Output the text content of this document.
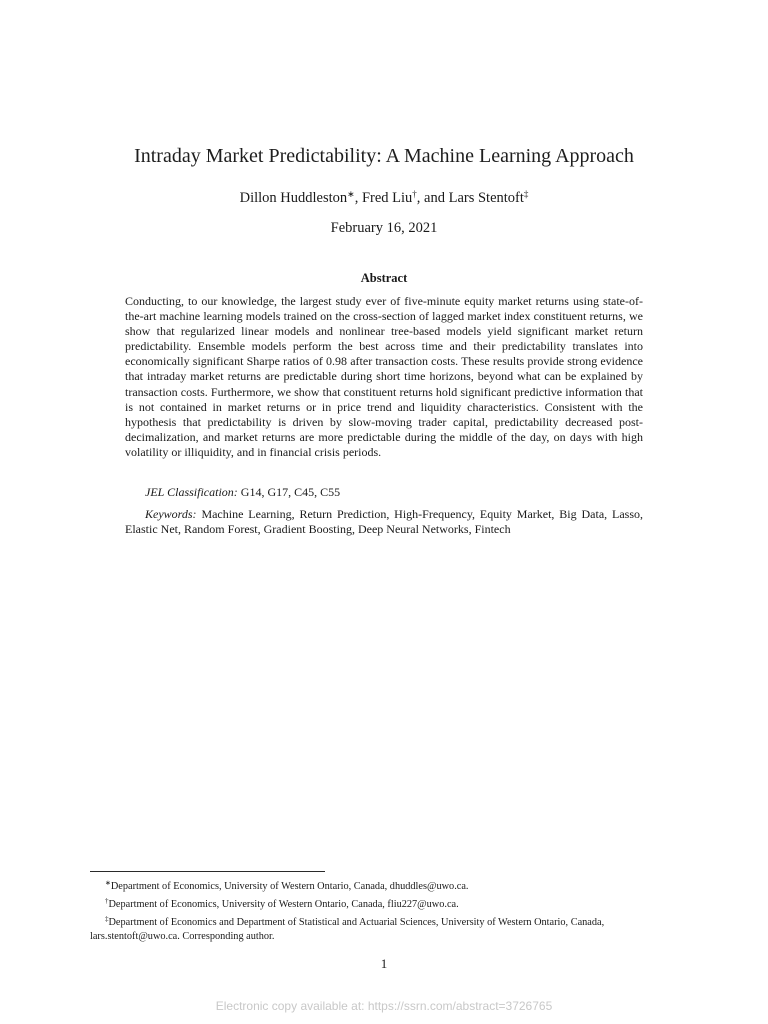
Intraday Market Predictability: A Machine Learning Approach
Dillon Huddleston∗, Fred Liu†, and Lars Stentoft‡
February 16, 2021
Abstract

Conducting, to our knowledge, the largest study ever of five-minute equity market returns using state-of-the-art machine learning models trained on the cross-section of lagged market index constituent returns, we show that regularized linear models and nonlinear tree-based models yield significant market return predictability. Ensemble models perform the best across time and their predictability translates into economically significant Sharpe ratios of 0.98 after transaction costs. These results provide strong evidence that intraday market returns are predictable during short time horizons, beyond what can be explained by transaction costs. Furthermore, we show that constituent returns hold significant predictive information that is not contained in market returns or in price trend and liquidity characteristics. Consistent with the hypothesis that predictability is driven by slow-moving trader capital, predictability decreased post-decimalization, and market returns are more predictable during the middle of the day, on days with high volatility or illiquidity, and in financial crisis periods.

JEL Classification: G14, G17, C45, C55
Keywords: Machine Learning, Return Prediction, High-Frequency, Equity Market, Big Data, Lasso, Elastic Net, Random Forest, Gradient Boosting, Deep Neural Networks, Fintech

∗Department of Economics, University of Western Ontario, Canada, dhuddles@uwo.ca.

†Department of Economics, University of Western Ontario, Canada, fliu227@uwo.ca.

‡Department of Economics and Department of Statistical and Actuarial Sciences, University of Western Ontario, Canada, lars.stentoft@uwo.ca. Corresponding author.

1
Electronic copy available at: https://ssrn.com/abstract=3726765
